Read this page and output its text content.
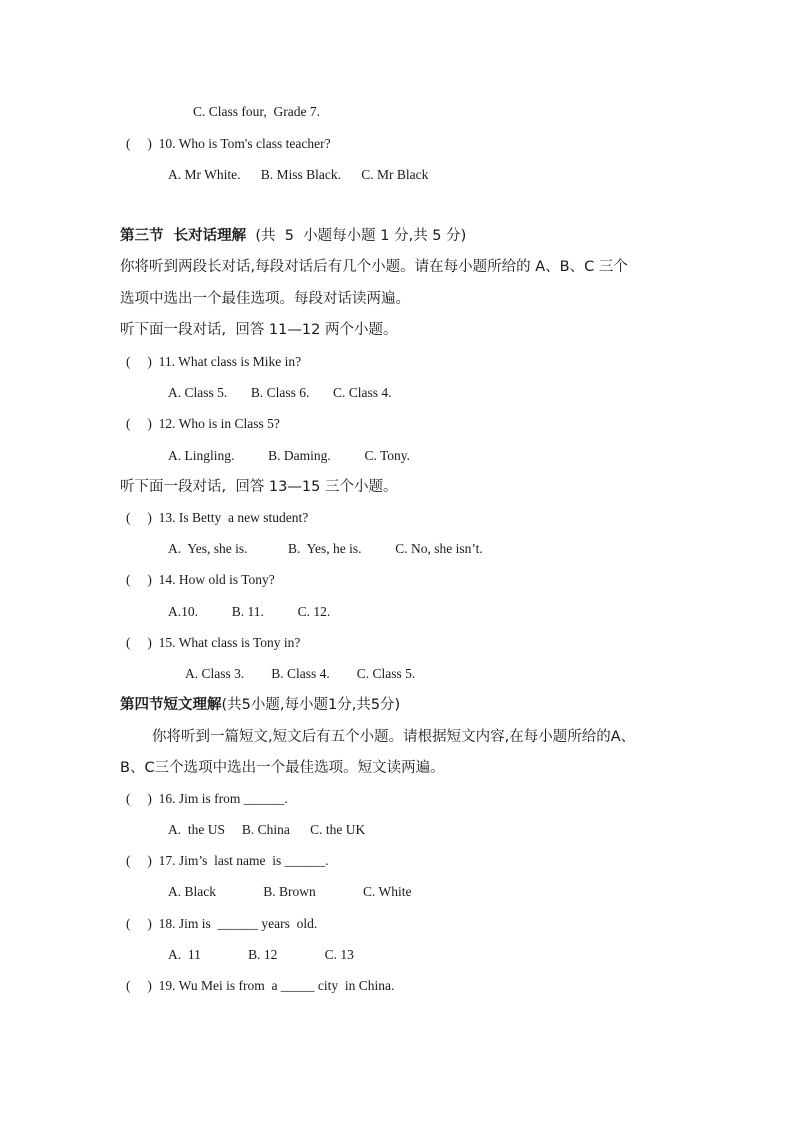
C. Class four,  Grade 7.
(     )  10. Who is Tom's class teacher?
A. Mr White.      B. Miss Black.      C. Mr Black
第三节  长对话理解  (共  5  小题每小题 1 分,共 5 分)
你将听到两段长对话,每段对话后有几个小题。请在每小题所给的 A、B、C 三个
选项中选出一个最佳选项。每段对话读两遍。
听下面一段对话,  回答 11—12 两个小题。
(     )  11. What class is Mike in?
A. Class 5.       B. Class 6.       C. Class 4.
(     )  12. Who is in Class 5?
A. Lingling.          B. Daming.          C. Tony.
听下面一段对话,  回答 13—15 三个小题。
(     )  13. Is Betty  a new student?
A.  Yes, she is.            B.  Yes, he is.          C. No, she isn’t.
(     )  14. How old is Tony?
A.10.          B. 11.          C. 12.
(     )  15. What class is Tony in?
A. Class 3.        B. Class 4.        C. Class 5.
第四节短文理解(共5小题,每小题1分,共5分)
你将听到一篇短文,短文后有五个小题。请根据短文内容,在每小题所给的A、
B、C三个选项中选出一个最佳选项。短文读两遍。
(     )  16. Jim is from ______.
A.  the US     B. China      C. the UK
(     )  17. Jim’s  last name  is ______.
A. Black              B. Brown              C. White
(     )  18. Jim is  ______ years  old.
A.  11              B. 12              C. 13
(     )  19. Wu Mei is from  a _____ city  in China.
